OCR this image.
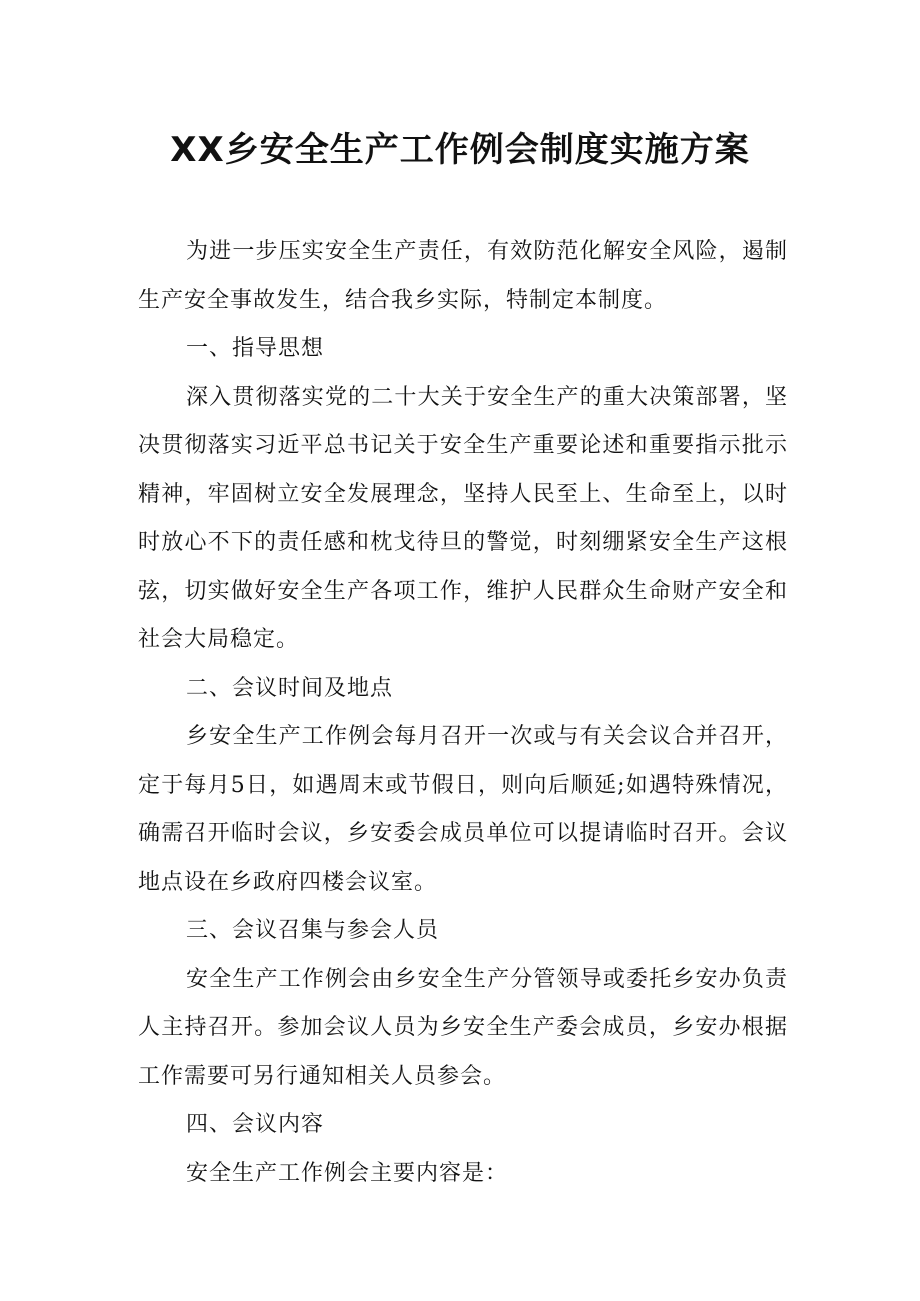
XX乡安全生产工作例会制度实施方案

为进一步压实安全生产责任，有效防范化解安全风险，遏制生产安全事故发生，结合我乡实际，特制定本制度。

一、指导思想

深入贯彻落实党的二十大关于安全生产的重大决策部署，坚决贯彻落实习近平总书记关于安全生产重要论述和重要指示批示精神，牢固树立安全发展理念，坚持人民至上、生命至上，以时时放心不下的责任感和枕戈待旦的警觉，时刻绷紧安全生产这根弦，切实做好安全生产各项工作，维护人民群众生命财产安全和社会大局稳定。

二、会议时间及地点

乡安全生产工作例会每月召开一次或与有关会议合并召开，定于每月5日，如遇周末或节假日，则向后顺延;如遇特殊情况，确需召开临时会议，乡安委会成员单位可以提请临时召开。会议地点设在乡政府四楼会议室。

三、会议召集与参会人员

安全生产工作例会由乡安全生产分管领导或委托乡安办负责人主持召开。参加会议人员为乡安全生产委会成员，乡安办根据工作需要可另行通知相关人员参会。

四、会议内容

安全生产工作例会主要内容是：
